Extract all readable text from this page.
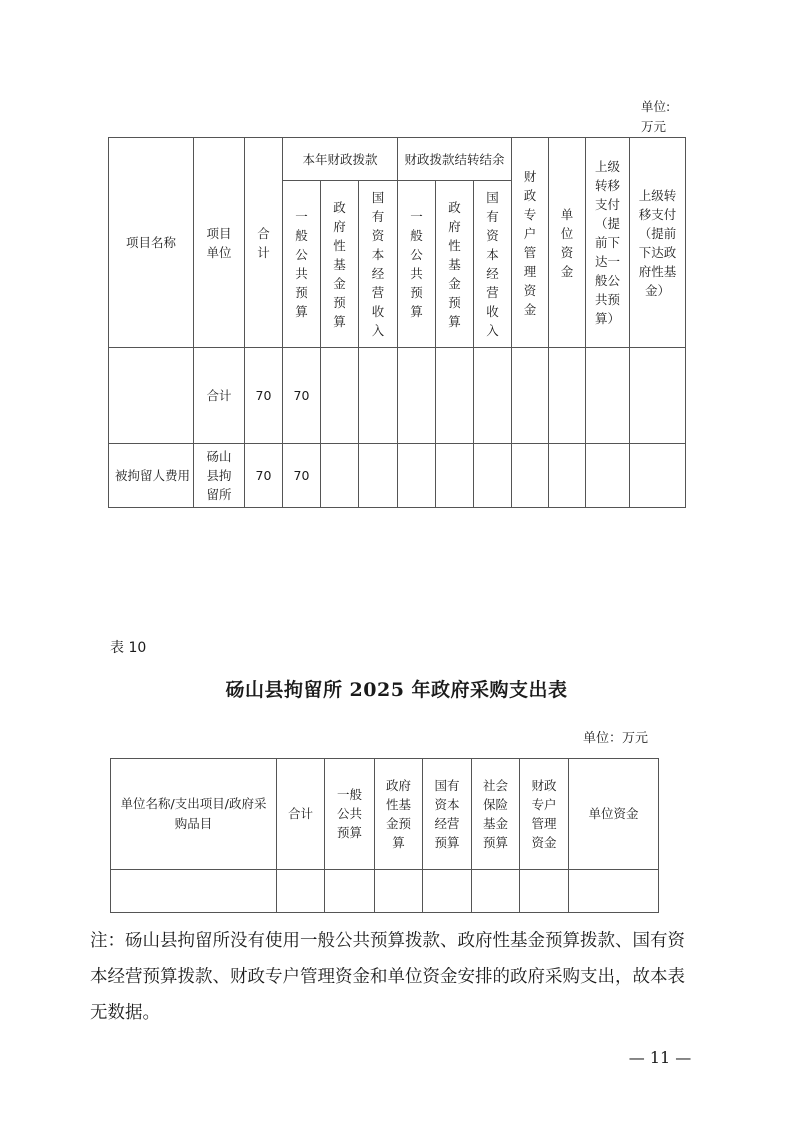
单位:
万元
项目名称	项目单位	合计	本年财政拨款			财政拨款结转结余			财政专户管理资金	单位资金	上级转移支付（提前下达一般公共预算）	上级转移支付（提前下达政府性基金）
			一般公共预算	政府性基金预算	国有资本经营收入	一般公共预算	政府性基金预算	国有资本经营收入				
	合计	70	70									
被拘留人费用	砀山县拘留所	70	70									
表 10
砀山县拘留所 2025 年政府采购支出表
单位：万元
单位名称/支出项目/政府采购品目	合计	一般公共预算	政府性基金预算	国有资本经营预算	社会保险基金预算	财政专户管理资金	单位资金

注：砀山县拘留所没有使用一般公共预算拨款、政府性基金预算拨款、国有资本经营预算拨款、财政专户管理资金和单位资金安排的政府采购支出，故本表无数据。
— 11 —
